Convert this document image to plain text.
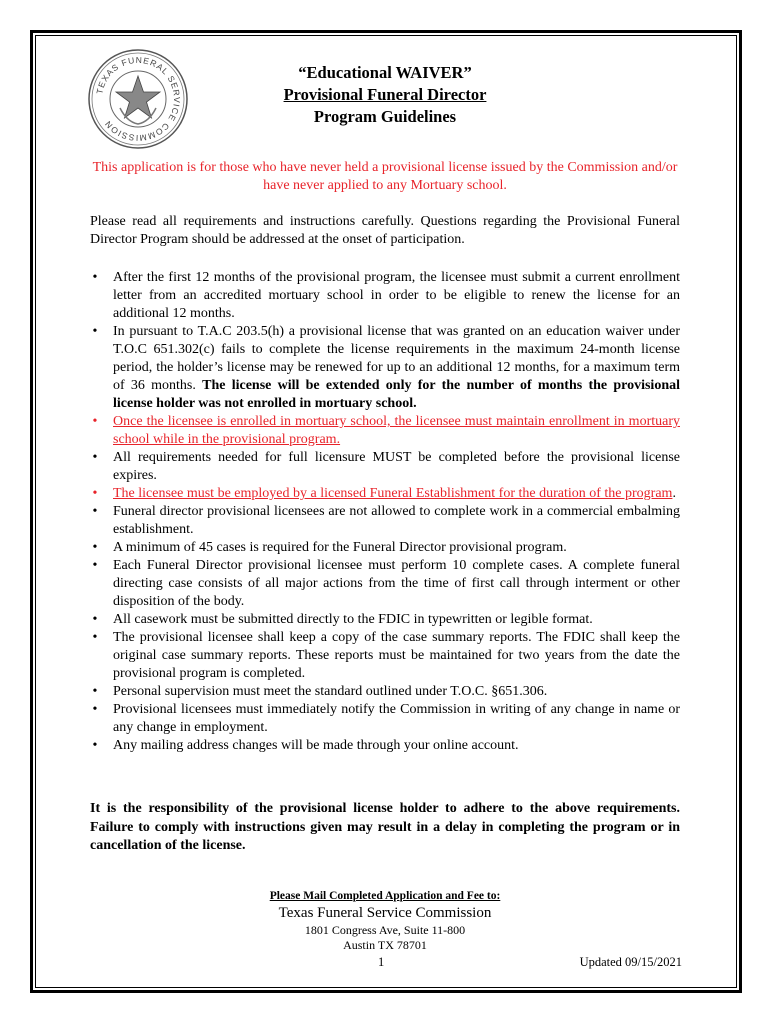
TEXAS FUNERAL SERVICE COMMISSION
“Educational WAIVER”
Provisional Funeral Director
Program Guidelines
This application is for those who have never held a provisional license issued by the Commission and/or have never applied to any Mortuary school.
Please read all requirements and instructions carefully. Questions regarding the Provisional Funeral Director Program should be addressed at the onset of participation.
• After the first 12 months of the provisional program, the licensee must submit a current enrollment letter from an accredited mortuary school in order to be eligible to renew the license for an additional 12 months.
• In pursuant to T.A.C 203.5(h) a provisional license that was granted on an education waiver under T.O.C 651.302(c) fails to complete the license requirements in the maximum 24-month license period, the holder’s license may be renewed for up to an additional 12 months, for a maximum term of 36 months. The license will be extended only for the number of months the provisional license holder was not enrolled in mortuary school.
• Once the licensee is enrolled in mortuary school, the licensee must maintain enrollment in mortuary school while in the provisional program.
• All requirements needed for full licensure MUST be completed before the provisional license expires.
• The licensee must be employed by a licensed Funeral Establishment for the duration of the program.
• Funeral director provisional licensees are not allowed to complete work in a commercial embalming establishment.
• A minimum of 45 cases is required for the Funeral Director provisional program.
• Each Funeral Director provisional licensee must perform 10 complete cases. A complete funeral directing case consists of all major actions from the time of first call through interment or other disposition of the body.
• All casework must be submitted directly to the FDIC in typewritten or legible format.
• The provisional licensee shall keep a copy of the case summary reports. The FDIC shall keep the original case summary reports. These reports must be maintained for two years from the date the provisional program is completed.
• Personal supervision must meet the standard outlined under T.O.C. §651.306.
• Provisional licensees must immediately notify the Commission in writing of any change in name or any change in employment.
• Any mailing address changes will be made through your online account.
It is the responsibility of the provisional license holder to adhere to the above requirements. Failure to comply with instructions given may result in a delay in completing the program or in cancellation of the license.
Please Mail Completed Application and Fee to:
Texas Funeral Service Commission
1801 Congress Ave, Suite 11-800
Austin TX 78701
1	Updated 09/15/2021
